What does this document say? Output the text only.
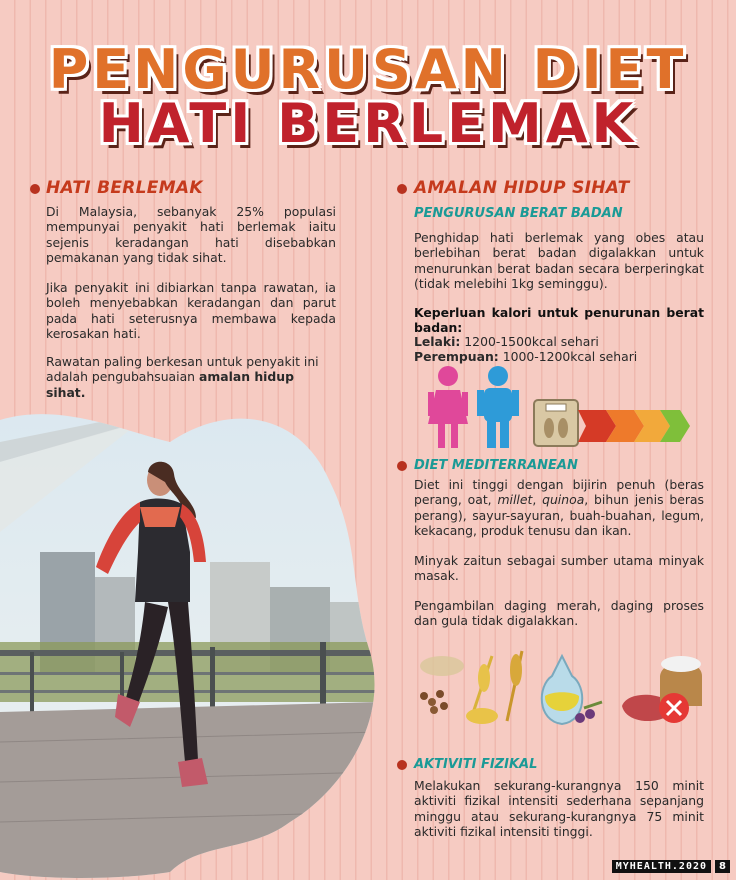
PENGURUSAN DIET
HATI BERLEMAK
HATI BERLEMAK
Di Malaysia, sebanyak 25% populasi mempunyai penyakit hati berlemak iaitu sejenis keradangan hati disebabkan pemakanan yang tidak sihat.
Jika penyakit ini dibiarkan tanpa rawatan, ia boleh menyebabkan keradangan dan parut pada hati seterusnya membawa kepada kerosakan hati.
Rawatan paling berkesan untuk penyakit ini adalah pengubahsuaian amalan hidup sihat.
AMALAN HIDUP SIHAT
PENGURUSAN BERAT BADAN
Penghidap hati berlemak yang obes atau berlebihan berat badan digalakkan untuk menurunkan berat badan secara berperingkat (tidak melebihi 1kg seminggu).
Keperluan kalori untuk penurunan berat badan:
Lelaki: 1200-1500kcal sehari
Perempuan: 1000-1200kcal sehari
DIET MEDITERRANEAN
Diet ini tinggi dengan bijirin penuh (beras perang, oat, millet, quinoa, bihun jenis beras perang), sayur-sayuran, buah-buahan, legum, kekacang, produk tenusu dan ikan.
Minyak zaitun sebagai sumber utama minyak masak.
Pengambilan daging merah, daging proses dan gula tidak digalakkan.
AKTIVITI FIZIKAL
Melakukan sekurang-kurangnya 150 minit aktiviti fizikal intensiti sederhana sepanjang minggu atau sekurang-kurangnya 75 minit aktiviti fizikal intensiti tinggi.
MYHEALTH.2020	8
